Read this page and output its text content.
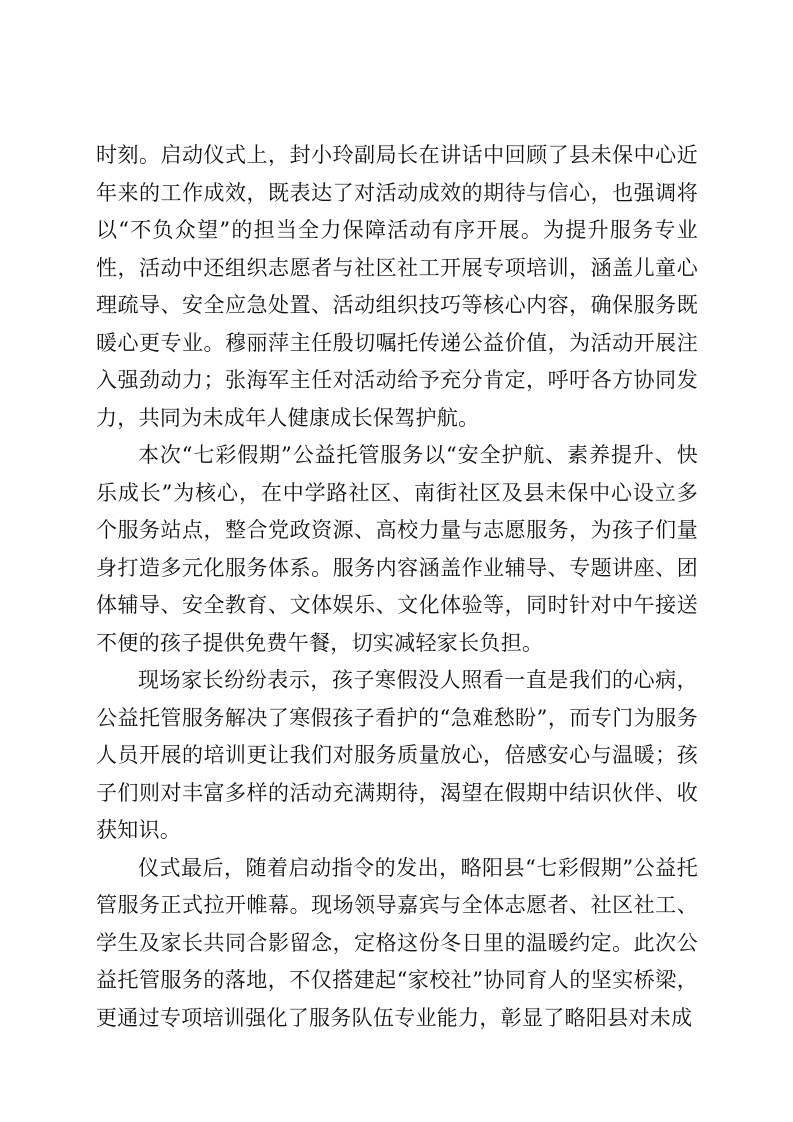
时刻。启动仪式上，封小玲副局长在讲话中回顾了县未保中心近年来的工作成效，既表达了对活动成效的期待与信心，也强调将以“不负众望”的担当全力保障活动有序开展。为提升服务专业性，活动中还组织志愿者与社区社工开展专项培训，涵盖儿童心理疏导、安全应急处置、活动组织技巧等核心内容，确保服务既暖心更专业。穆丽萍主任殷切嘱托传递公益价值，为活动开展注入强劲动力；张海军主任对活动给予充分肯定，呼吁各方协同发力，共同为未成年人健康成长保驾护航。

本次“七彩假期”公益托管服务以“安全护航、素养提升、快乐成长”为核心，在中学路社区、南街社区及县未保中心设立多个服务站点，整合党政资源、高校力量与志愿服务，为孩子们量身打造多元化服务体系。服务内容涵盖作业辅导、专题讲座、团体辅导、安全教育、文体娱乐、文化体验等，同时针对中午接送不便的孩子提供免费午餐，切实减轻家长负担。

现场家长纷纷表示，孩子寒假没人照看一直是我们的心病，公益托管服务解决了寒假孩子看护的“急难愁盼”，而专门为服务人员开展的培训更让我们对服务质量放心，倍感安心与温暖；孩子们则对丰富多样的活动充满期待，渴望在假期中结识伙伴、收获知识。

仪式最后，随着启动指令的发出，略阳县“七彩假期”公益托管服务正式拉开帷幕。现场领导嘉宾与全体志愿者、社区社工、学生及家长共同合影留念，定格这份冬日里的温暖约定。此次公益托管服务的落地，不仅搭建起“家校社”协同育人的坚实桥梁，更通过专项培训强化了服务队伍专业能力，彰显了略阳县对未成
